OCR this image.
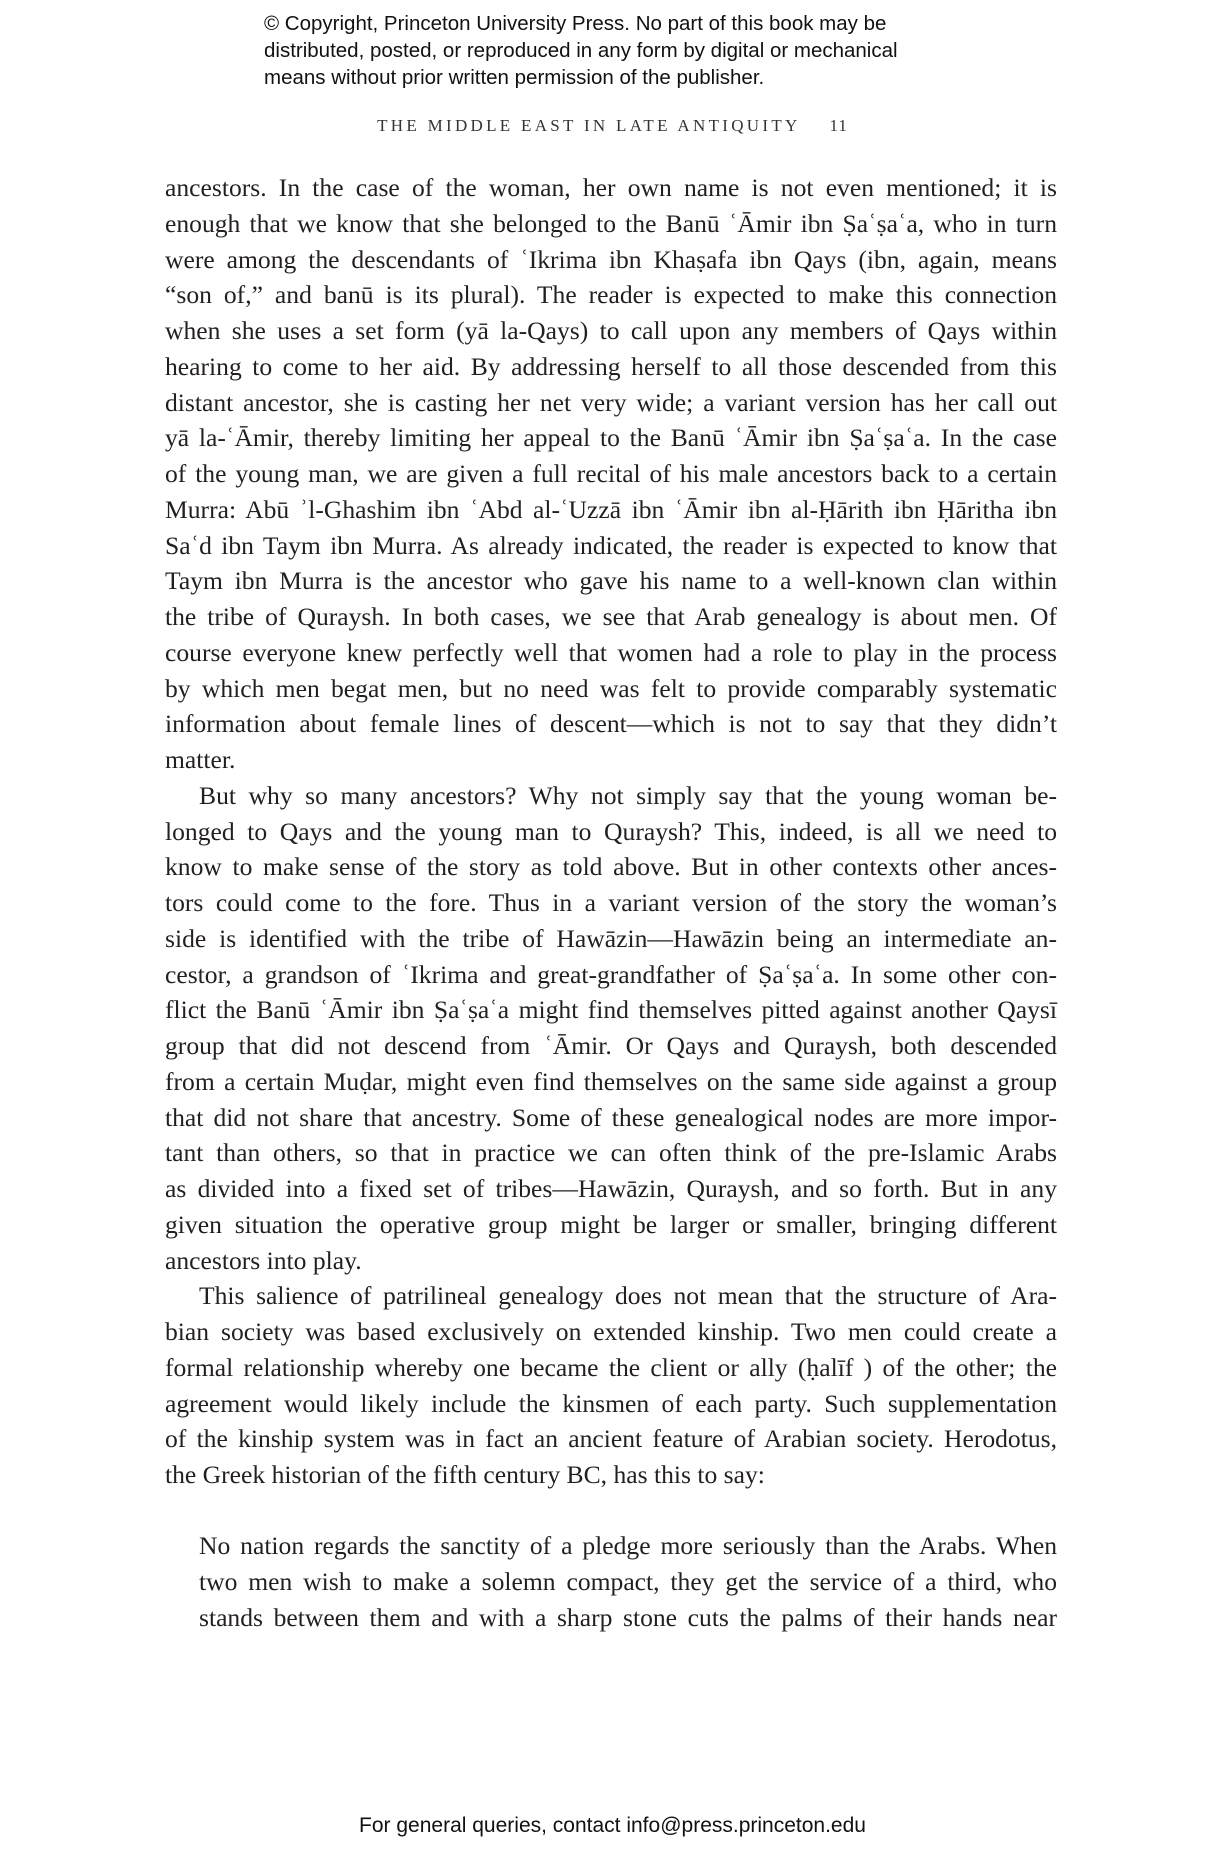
© Copyright, Princeton University Press. No part of this book may be
distributed, posted, or reproduced in any form by digital or mechanical
means without prior written permission of the publisher.
THE MIDDLE EAST IN LATE ANTIQUITY 11
ancestors. In the case of the woman, her own name is not even mentioned; it is
enough that we know that she belonged to the Banū ʿĀmir ibn Ṣaʿṣaʿa, who in turn
were among the descendants of ʿIkrima ibn Khaṣafa ibn Qays (ibn, again, means
“son of,” and banū is its plural). The reader is expected to make this connection
when she uses a set form (yā la-Qays) to call upon any members of Qays within
hearing to come to her aid. By addressing herself to all those descended from this
distant ancestor, she is casting her net very wide; a variant version has her call out
yā la-ʿĀmir, thereby limiting her appeal to the Banū ʿĀmir ibn Ṣaʿṣaʿa. In the case
of the young man, we are given a full recital of his male ancestors back to a certain
Murra: Abū ʾl-Ghashim ibn ʿAbd al-ʿUzzā ibn ʿĀmir ibn al-Ḥārith ibn Ḥāritha ibn
Saʿd ibn Taym ibn Murra. As already indicated, the reader is expected to know that
Taym ibn Murra is the ancestor who gave his name to a well-known clan within
the tribe of Quraysh. In both cases, we see that Arab genealogy is about men. Of
course everyone knew perfectly well that women had a role to play in the process
by which men begat men, but no need was felt to provide comparably systematic
information about female lines of descent—which is not to say that they didn’t
matter.
But why so many ancestors? Why not simply say that the young woman be-
longed to Qays and the young man to Quraysh? This, indeed, is all we need to
know to make sense of the story as told above. But in other contexts other ances-
tors could come to the fore. Thus in a variant version of the story the woman’s
side is identified with the tribe of Hawāzin—Hawāzin being an intermediate an-
cestor, a grandson of ʿIkrima and great-grandfather of Ṣaʿṣaʿa. In some other con-
flict the Banū ʿĀmir ibn Ṣaʿṣaʿa might find themselves pitted against another Qaysī
group that did not descend from ʿĀmir. Or Qays and Quraysh, both descended
from a certain Muḍar, might even find themselves on the same side against a group
that did not share that ancestry. Some of these genealogical nodes are more impor-
tant than others, so that in practice we can often think of the pre-Islamic Arabs
as divided into a fixed set of tribes—Hawāzin, Quraysh, and so forth. But in any
given situation the operative group might be larger or smaller, bringing different
ancestors into play.
This salience of patrilineal genealogy does not mean that the structure of Ara-
bian society was based exclusively on extended kinship. Two men could create a
formal relationship whereby one became the client or ally (ḥalīf ) of the other; the
agreement would likely include the kinsmen of each party. Such supplementation
of the kinship system was in fact an ancient feature of Arabian society. Herodotus,
the Greek historian of the fifth century BC, has this to say:
No nation regards the sanctity of a pledge more seriously than the Arabs. When
two men wish to make a solemn compact, they get the service of a third, who
stands between them and with a sharp stone cuts the palms of their hands near
For general queries, contact info@press.princeton.edu
